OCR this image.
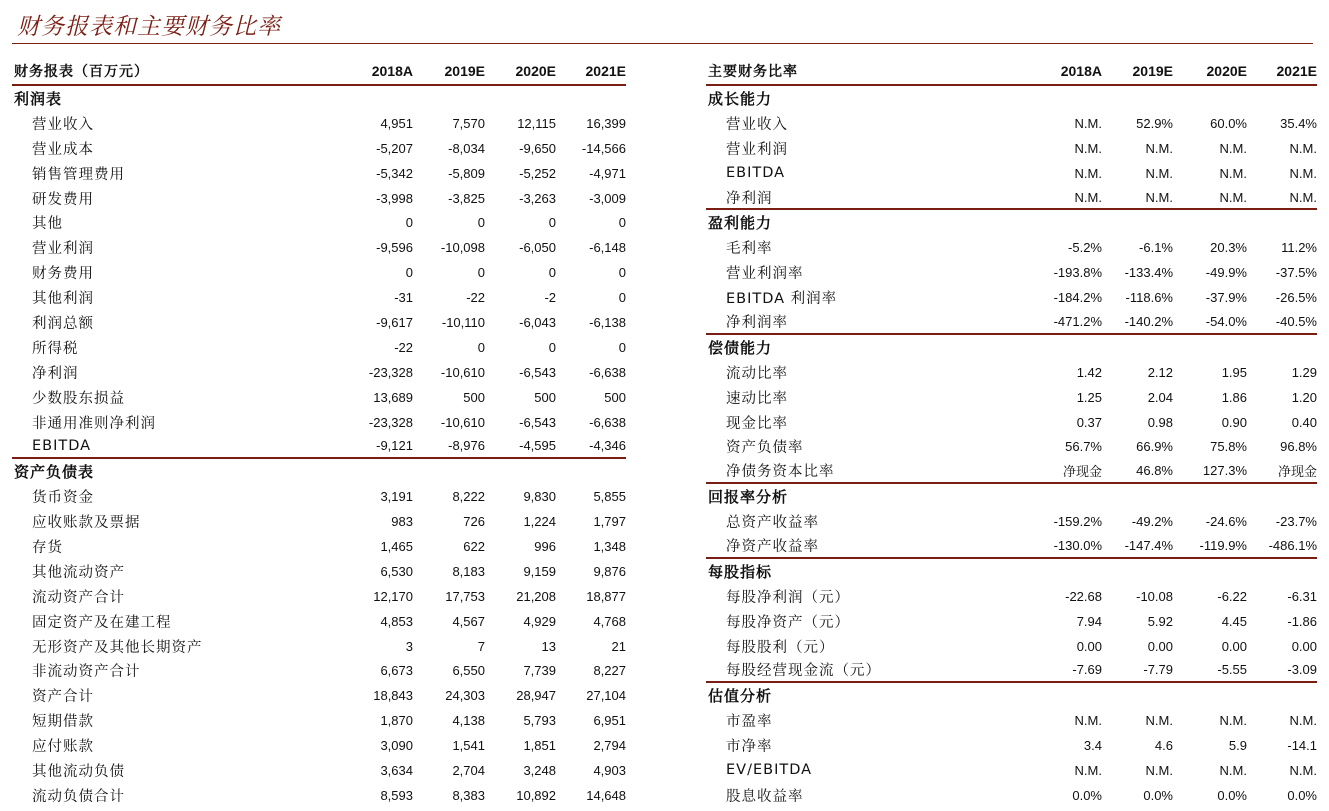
财务报表和主要财务比率
财务报表（百万元）	2018A	2019E	2020E	2021E
利润表
营业收入	4,951	7,570	12,115	16,399
营业成本	-5,207	-8,034	-9,650	-14,566
销售管理费用	-5,342	-5,809	-5,252	-4,971
研发费用	-3,998	-3,825	-3,263	-3,009
其他	0	0	0	0
营业利润	-9,596	-10,098	-6,050	-6,148
财务费用	0	0	0	0
其他利润	-31	-22	-2	0
利润总额	-9,617	-10,110	-6,043	-6,138
所得税	-22	0	0	0
净利润	-23,328	-10,610	-6,543	-6,638
少数股东损益	13,689	500	500	500
非通用准则净利润	-23,328	-10,610	-6,543	-6,638
EBITDA	-9,121	-8,976	-4,595	-4,346
资产负债表
货币资金	3,191	8,222	9,830	5,855
应收账款及票据	983	726	1,224	1,797
存货	1,465	622	996	1,348
其他流动资产	6,530	8,183	9,159	9,876
流动资产合计	12,170	17,753	21,208	18,877
固定资产及在建工程	4,853	4,567	4,929	4,768
无形资产及其他长期资产	3	7	13	21
非流动资产合计	6,673	6,550	7,739	8,227
资产合计	18,843	24,303	28,947	27,104
短期借款	1,870	4,138	5,793	6,951
应付账款	3,090	1,541	1,851	2,794
其他流动负债	3,634	2,704	3,248	4,903
流动负债合计	8,593	8,383	10,892	14,648
主要财务比率	2018A	2019E	2020E	2021E
成长能力
营业收入	N.M.	52.9%	60.0%	35.4%
营业利润	N.M.	N.M.	N.M.	N.M.
EBITDA	N.M.	N.M.	N.M.	N.M.
净利润	N.M.	N.M.	N.M.	N.M.
盈利能力
毛利率	-5.2%	-6.1%	20.3%	11.2%
营业利润率	-193.8%	-133.4%	-49.9%	-37.5%
EBITDA 利润率	-184.2%	-118.6%	-37.9%	-26.5%
净利润率	-471.2%	-140.2%	-54.0%	-40.5%
偿债能力
流动比率	1.42	2.12	1.95	1.29
速动比率	1.25	2.04	1.86	1.20
现金比率	0.37	0.98	0.90	0.40
资产负债率	56.7%	66.9%	75.8%	96.8%
净债务资本比率	净现金	46.8%	127.3%	净现金
回报率分析
总资产收益率	-159.2%	-49.2%	-24.6%	-23.7%
净资产收益率	-130.0%	-147.4%	-119.9%	-486.1%
每股指标
每股净利润（元）	-22.68	-10.08	-6.22	-6.31
每股净资产（元）	7.94	5.92	4.45	-1.86
每股股利（元）	0.00	0.00	0.00	0.00
每股经营现金流（元）	-7.69	-7.79	-5.55	-3.09
估值分析
市盈率	N.M.	N.M.	N.M.	N.M.
市净率	3.4	4.6	5.9	-14.1
EV/EBITDA	N.M.	N.M.	N.M.	N.M.
股息收益率	0.0%	0.0%	0.0%	0.0%
